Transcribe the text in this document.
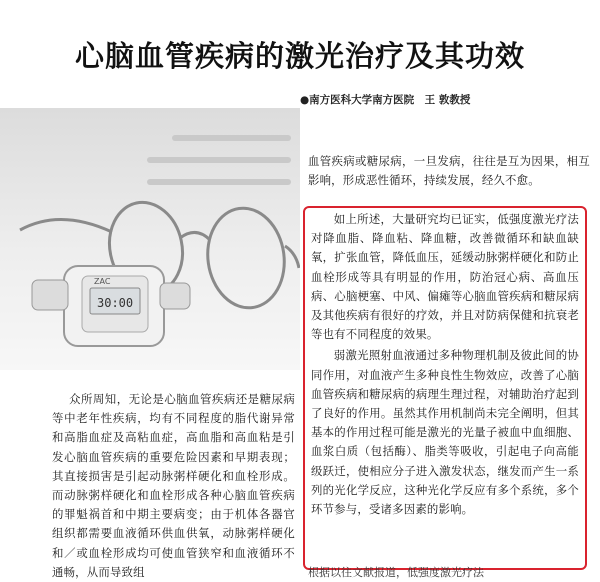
心脑血管疾病的激光治疗及其功效
●南方医科大学南方医院　王 敦教授
ZAC
30:00

血管疾病或糖尿病，一旦发病，往往是互为因果，相互影响，形成恶性循环，持续发展，经久不愈。

如上所述，大量研究均已证实，低强度激光疗法对降血脂、降血粘、降血糖，改善微循环和缺血缺氧，扩张血管，降低血压，延缓动脉粥样硬化和防止血栓形成等具有明显的作用，防治冠心病、高血压病、心脑梗塞、中风、偏瘫等心脑血管疾病和糖尿病及其他疾病有很好的疗效，并且对防病保健和抗衰老等也有不同程度的效果。

弱激光照射血液通过多种物理机制及彼此间的协同作用，对血液产生多种良性生物效应，改善了心脑血管疾病和糖尿病的病理生理过程，对辅助治疗起到了良好的作用。虽然其作用机制尚未完全阐明，但其基本的作用过程可能是激光的光量子被血中血细胞、血浆白质（包括酶）、脂类等吸收，引起电子向高能级跃迁，使相应分子进入激发状态，继发而产生一系列的光化学反应，这种光化学反应有多个系统，多个环节参与，受诸多因素的影响。

众所周知，无论是心脑血管疾病还是糖尿病等中老年性疾病，均有不同程度的脂代谢异常和高脂血症及高粘血症，高血脂和高血粘是引发心脑血管疾病的重要危险因素和早期表现；其直接损害是引起动脉粥样硬化和血栓形成。而动脉粥样硬化和血栓形成各种心脑血管疾病的罪魁祸首和中期主要病变；由于机体各器官组织都需要血液循环供血供氧，动脉粥样硬化和／或血栓形成均可使血管狭窄和血液循环不通畅，从而导致组	根据以往文献报道，低强度激光疗法
